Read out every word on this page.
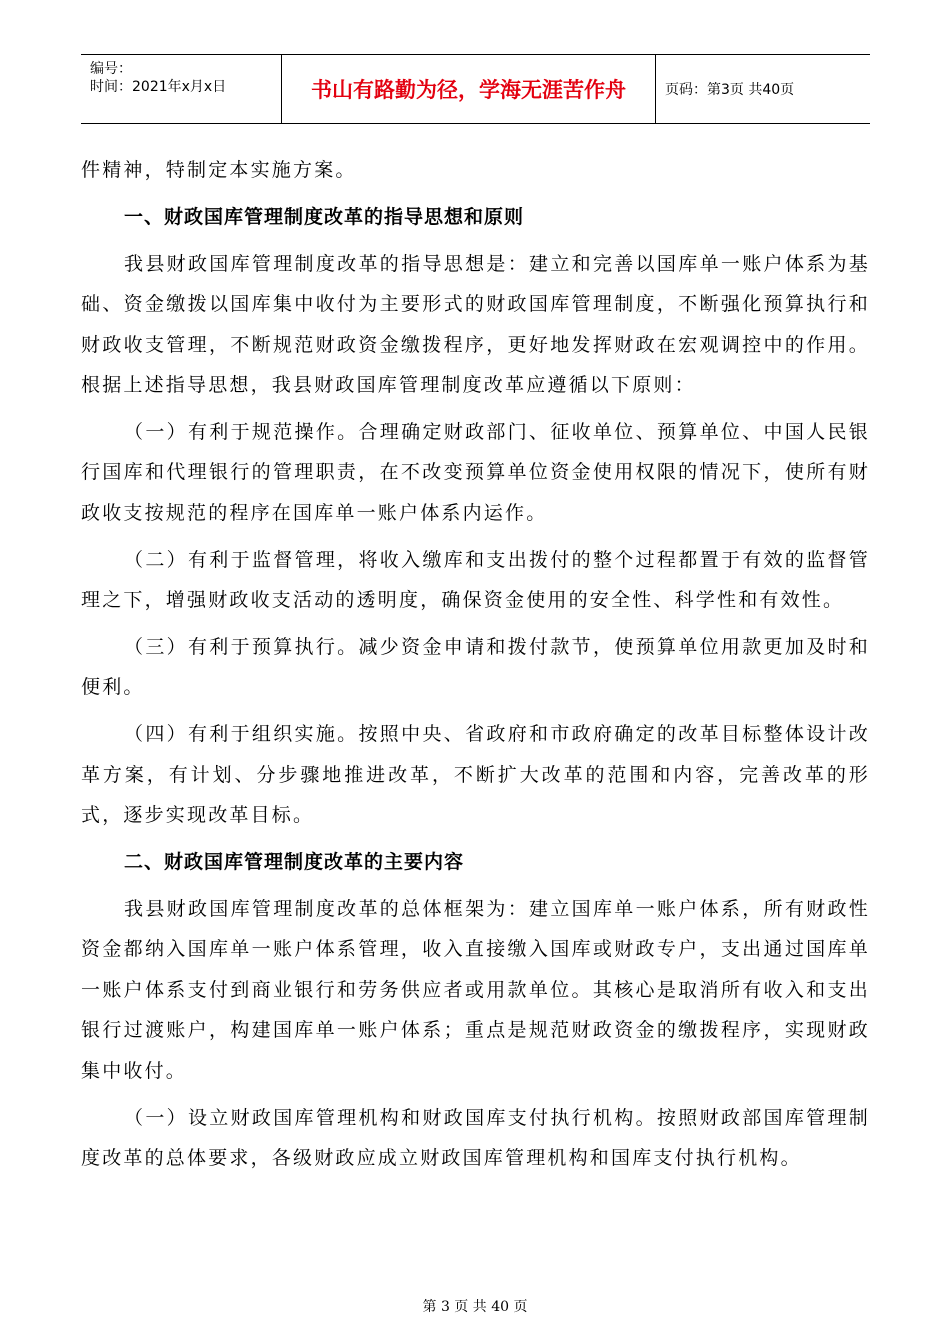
编号：
时间：2021年x月x日	书山有路勤为径，学海无涯苦作舟	页码：第3页 共40页

件精神，特制定本实施方案。

一、财政国库管理制度改革的指导思想和原则

我县财政国库管理制度改革的指导思想是：建立和完善以国库单一账户体系为基础、资金缴拨以国库集中收付为主要形式的财政国库管理制度，不断强化预算执行和财政收支管理，不断规范财政资金缴拨程序，更好地发挥财政在宏观调控中的作用。根据上述指导思想，我县财政国库管理制度改革应遵循以下原则：

（一）有利于规范操作。合理确定财政部门、征收单位、预算单位、中国人民银行国库和代理银行的管理职责，在不改变预算单位资金使用权限的情况下，使所有财政收支按规范的程序在国库单一账户体系内运作。

（二）有利于监督管理，将收入缴库和支出拨付的整个过程都置于有效的监督管理之下，增强财政收支活动的透明度，确保资金使用的安全性、科学性和有效性。

（三）有利于预算执行。减少资金申请和拨付款节，使预算单位用款更加及时和便利。

（四）有利于组织实施。按照中央、省政府和市政府确定的改革目标整体设计改革方案，有计划、分步骤地推进改革，不断扩大改革的范围和内容，完善改革的形式，逐步实现改革目标。

二、财政国库管理制度改革的主要内容

我县财政国库管理制度改革的总体框架为：建立国库单一账户体系，所有财政性资金都纳入国库单一账户体系管理，收入直接缴入国库或财政专户，支出通过国库单一账户体系支付到商业银行和劳务供应者或用款单位。其核心是取消所有收入和支出银行过渡账户，构建国库单一账户体系；重点是规范财政资金的缴拨程序，实现财政集中收付。

（一）设立财政国库管理机构和财政国库支付执行机构。按照财政部国库管理制度改革的总体要求，各级财政应成立财政国库管理机构和国库支付执行机构。

第 3 页 共 40 页
